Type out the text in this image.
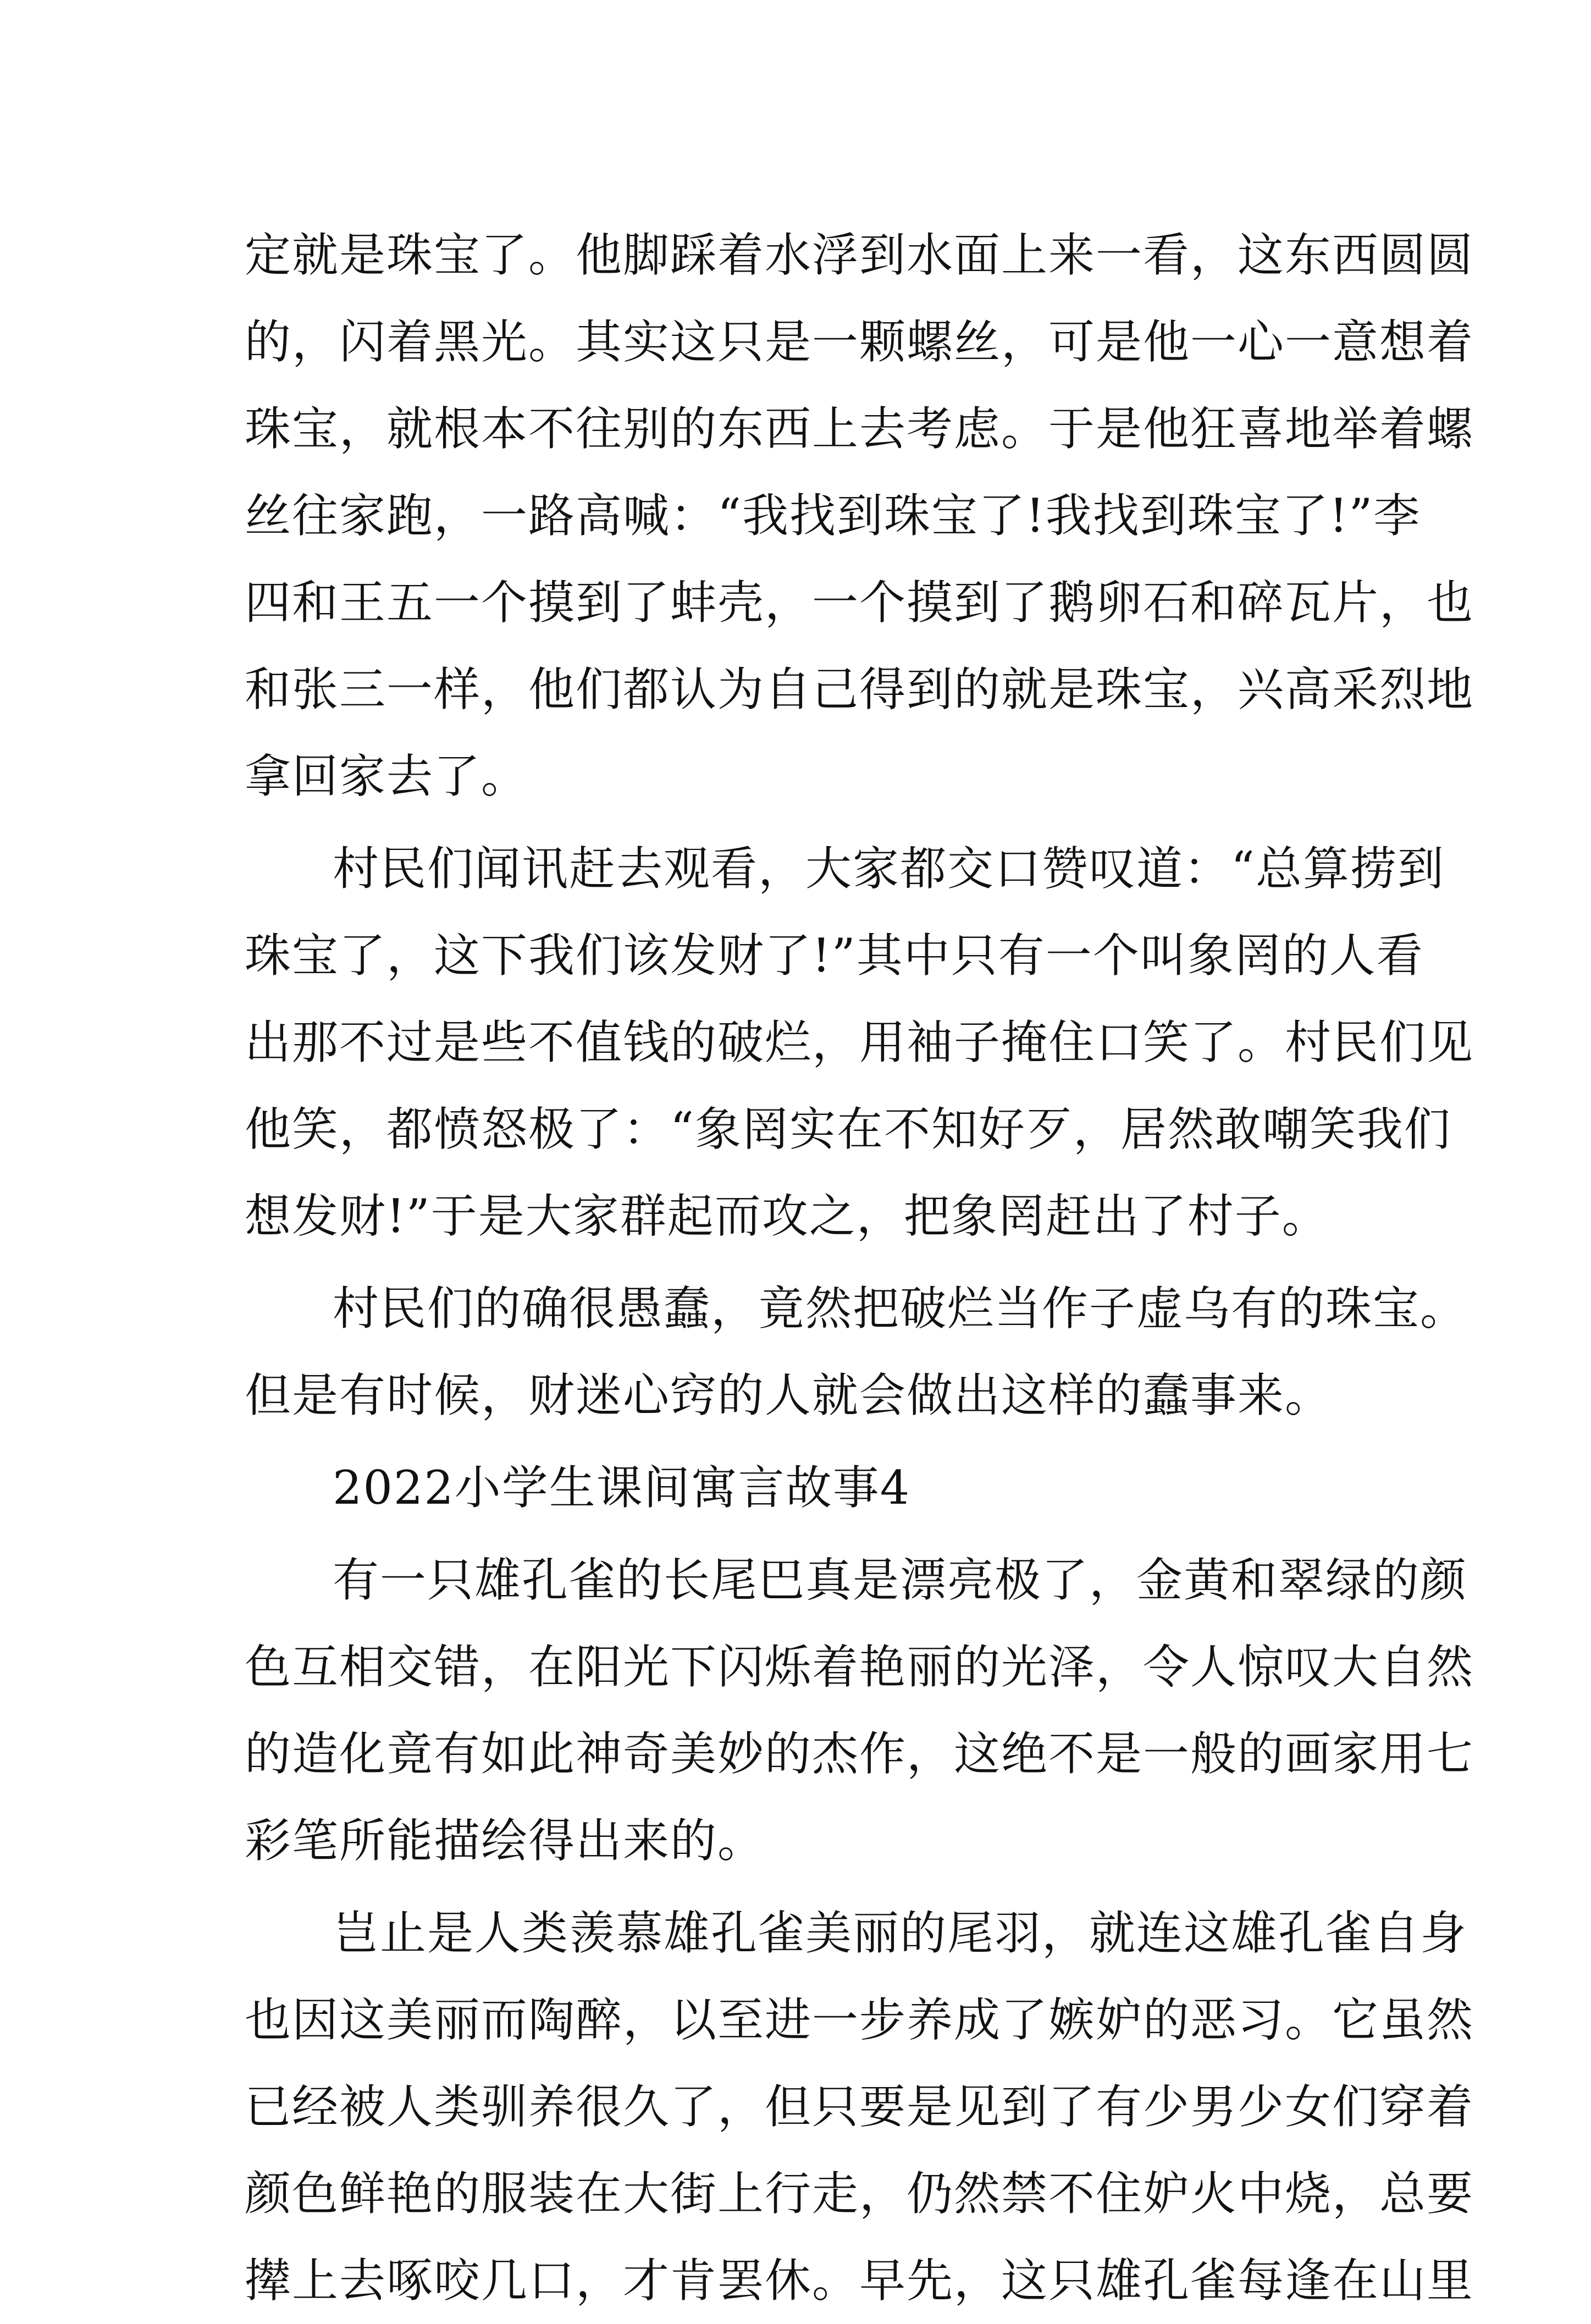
定就是珠宝了。他脚踩着水浮到水面上来一看，这东西圆圆
的，闪着黑光。其实这只是一颗螺丝，可是他一心一意想着
珠宝，就根本不往别的东西上去考虑。于是他狂喜地举着螺
丝往家跑，一路高喊：“我找到珠宝了!我找到珠宝了!”李
四和王五一个摸到了蚌壳，一个摸到了鹅卵石和碎瓦片，也
和张三一样，他们都认为自己得到的就是珠宝，兴高采烈地
拿回家去了。
村民们闻讯赶去观看，大家都交口赞叹道：“总算捞到
珠宝了，这下我们该发财了!”其中只有一个叫象罔的人看
出那不过是些不值钱的破烂，用袖子掩住口笑了。村民们见
他笑，都愤怒极了：“象罔实在不知好歹，居然敢嘲笑我们
想发财!”于是大家群起而攻之，把象罔赶出了村子。
村民们的确很愚蠢，竟然把破烂当作子虚乌有的珠宝。
但是有时候，财迷心窍的人就会做出这样的蠢事来。
2022小学生课间寓言故事4
有一只雄孔雀的长尾巴真是漂亮极了，金黄和翠绿的颜
色互相交错，在阳光下闪烁着艳丽的光泽，令人惊叹大自然
的造化竟有如此神奇美妙的杰作，这绝不是一般的画家用七
彩笔所能描绘得出来的。
岂止是人类羡慕雄孔雀美丽的尾羽，就连这雄孔雀自身
也因这美丽而陶醉，以至进一步养成了嫉妒的恶习。它虽然
已经被人类驯养很久了，但只要是见到了有少男少女们穿着
颜色鲜艳的服装在大街上行走，仍然禁不住妒火中烧，总要
撵上去啄咬几口，才肯罢休。早先，这只雄孔雀每逢在山里
